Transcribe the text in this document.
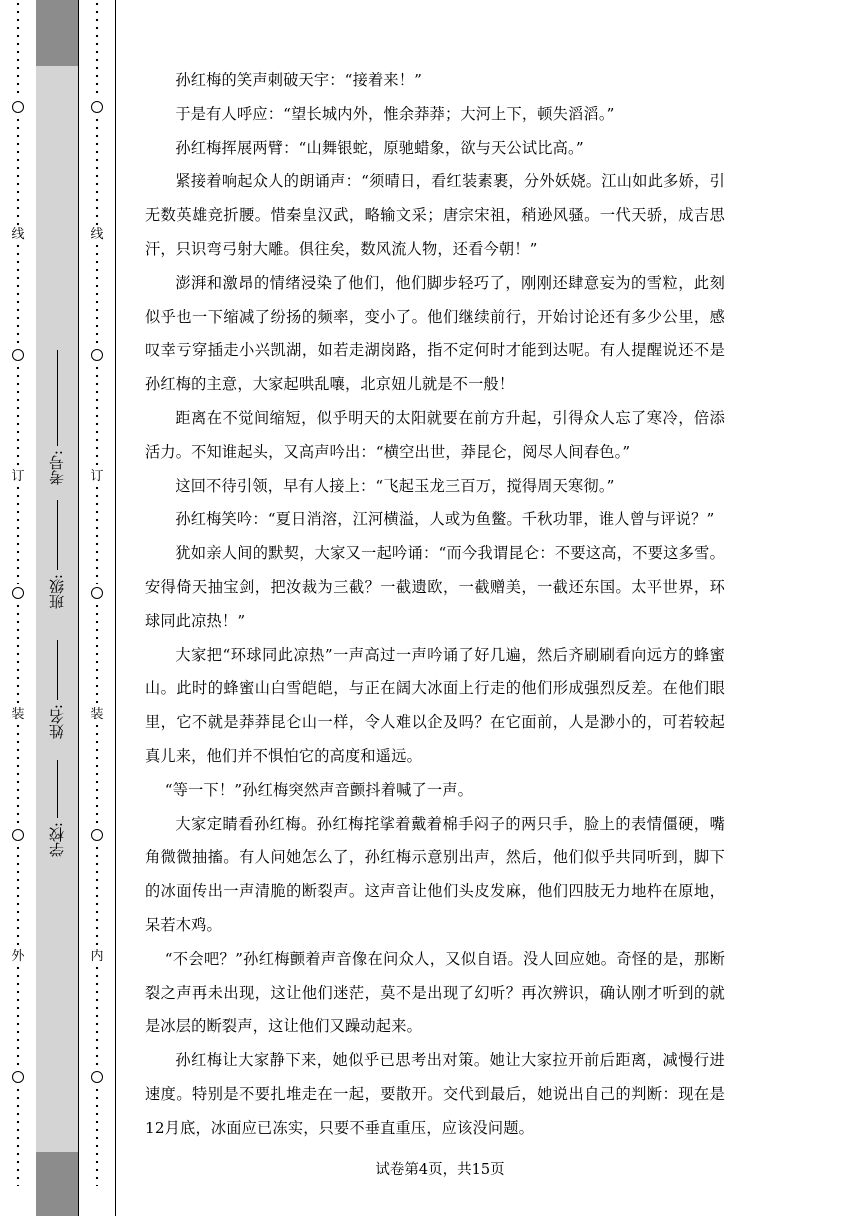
线
订
装
外
考号:
班级:
姓名:
学校:
线
订
装
内

孙红梅的笑声刺破天宇：“接着来！”

于是有人呼应：“望长城内外，惟余莽莽；大河上下，顿失滔滔。”

孙红梅挥展两臂：“山舞银蛇，原驰蜡象，欲与天公试比高。”

紧接着响起众人的朗诵声：“须晴日，看红装素裹，分外妖娆。江山如此多娇，引无数英雄竞折腰。惜秦皇汉武，略输文采；唐宗宋祖，稍逊风骚。一代天骄，成吉思汗，只识弯弓射大雕。俱往矣，数风流人物，还看今朝！”

澎湃和激昂的情绪浸染了他们，他们脚步轻巧了，刚刚还肆意妄为的雪粒，此刻似乎也一下缩减了纷扬的频率，变小了。他们继续前行，开始讨论还有多少公里，感叹幸亏穿插走小兴凯湖，如若走湖岗路，指不定何时才能到达呢。有人提醒说还不是孙红梅的主意，大家起哄乱嚷，北京妞儿就是不一般！

距离在不觉间缩短，似乎明天的太阳就要在前方升起，引得众人忘了寒冷，倍添活力。不知谁起头，又高声吟出：“横空出世，莽昆仑，阅尽人间春色。”

这回不待引领，早有人接上：“飞起玉龙三百万，搅得周天寒彻。”

孙红梅笑吟：“夏日消溶，江河横溢，人或为鱼鳖。千秋功罪，谁人曾与评说？”

犹如亲人间的默契，大家又一起吟诵：“而今我谓昆仑：不要这高，不要这多雪。安得倚天抽宝剑，把汝裁为三截？一截遗欧，一截赠美，一截还东国。太平世界，环球同此凉热！”

大家把“环球同此凉热”一声高过一声吟诵了好几遍，然后齐刷刷看向远方的蜂蜜山。此时的蜂蜜山白雪皑皑，与正在阔大冰面上行走的他们形成强烈反差。在他们眼里，它不就是莽莽昆仑山一样，令人难以企及吗？在它面前，人是渺小的，可若较起真儿来，他们并不惧怕它的高度和遥远。

“等一下！”孙红梅突然声音颤抖着喊了一声。

大家定睛看孙红梅。孙红梅挓挲着戴着棉手闷子的两只手，脸上的表情僵硬，嘴角微微抽搐。有人问她怎么了，孙红梅示意别出声，然后，他们似乎共同听到，脚下的冰面传出一声清脆的断裂声。这声音让他们头皮发麻，他们四肢无力地杵在原地，呆若木鸡。

“不会吧？”孙红梅颤着声音像在问众人，又似自语。没人回应她。奇怪的是，那断裂之声再未出现，这让他们迷茫，莫不是出现了幻听？再次辨识，确认刚才听到的就是冰层的断裂声，这让他们又躁动起来。

孙红梅让大家静下来，她似乎已思考出对策。她让大家拉开前后距离，减慢行进速度。特别是不要扎堆走在一起，要散开。交代到最后，她说出自己的判断：现在是12月底，冰面应已冻实，只要不垂直重压，应该没问题。

试卷第4页，共15页
